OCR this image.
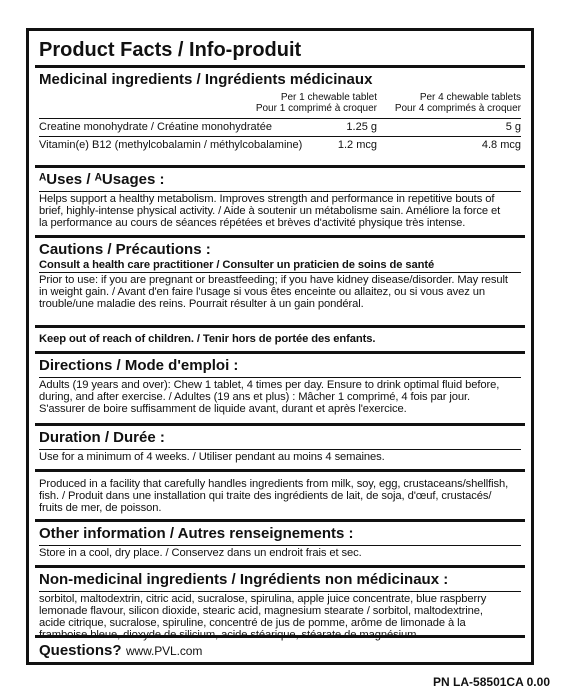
Product Facts / Info-produit
Medicinal ingredients / Ingrédients médicinaux
Per 1 chewable tablet
Pour 1 comprimé à croquer
Per 4 chewable tablets
Pour 4 comprimés à croquer
Creatine monohydrate / Créatine monohydratée	1.25 g	5 g
Vitamin(e) B12 (methylcobalamin / méthylcobalamine)	1.2 mcg	4.8 mcg
ᴬUses / ᴬUsages :
Helps support a healthy metabolism. Improves strength and performance in repetitive bouts of
brief, highly-intense physical activity. / Aide à soutenir un métabolisme sain. Améliore la force et
la performance au cours de séances répétées et brèves d'activité physique très intense.
Cautions / Précautions :
Consult a health care practitioner / Consulter un praticien de soins de santé
Prior to use: if you are pregnant or breastfeeding; if you have kidney disease/disorder. May result
in weight gain. / Avant d'en faire l'usage si vous êtes enceinte ou allaitez, ou si vous avez un
trouble/une maladie des reins. Pourrait résulter à un gain pondéral.
Keep out of reach of children. / Tenir hors de portée des enfants.
Directions / Mode d'emploi :
Adults (19 years and over): Chew 1 tablet, 4 times per day. Ensure to drink optimal fluid before,
during, and after exercise. / Adultes (19 ans et plus) : Mâcher 1 comprimé, 4 fois par jour.
S'assurer de boire suffisamment de liquide avant, durant et après l'exercice.
Duration / Durée :
Use for a minimum of 4 weeks. / Utiliser pendant au moins 4 semaines.
Produced in a facility that carefully handles ingredients from milk, soy, egg, crustaceans/shellfish,
fish. / Produit dans une installation qui traite des ingrédients de lait, de soja, d'œuf, crustacés/
fruits de mer, de poisson.
Other information / Autres renseignements :
Store in a cool, dry place. / Conservez dans un endroit frais et sec.
Non-medicinal ingredients / Ingrédients non médicinaux :
sorbitol, maltodextrin, citric acid, sucralose, spirulina, apple juice concentrate, blue raspberry
lemonade flavour, silicon dioxide, stearic acid, magnesium stearate / sorbitol, maltodextrine,
acide citrique, sucralose, spiruline, concentré de jus de pomme, arôme de limonade à la
framboise bleue, dioxyde de silicium, acide stéarique, stéarate de magnésium.
Questions? www.PVL.com
PN LA-58501CA 0.00
